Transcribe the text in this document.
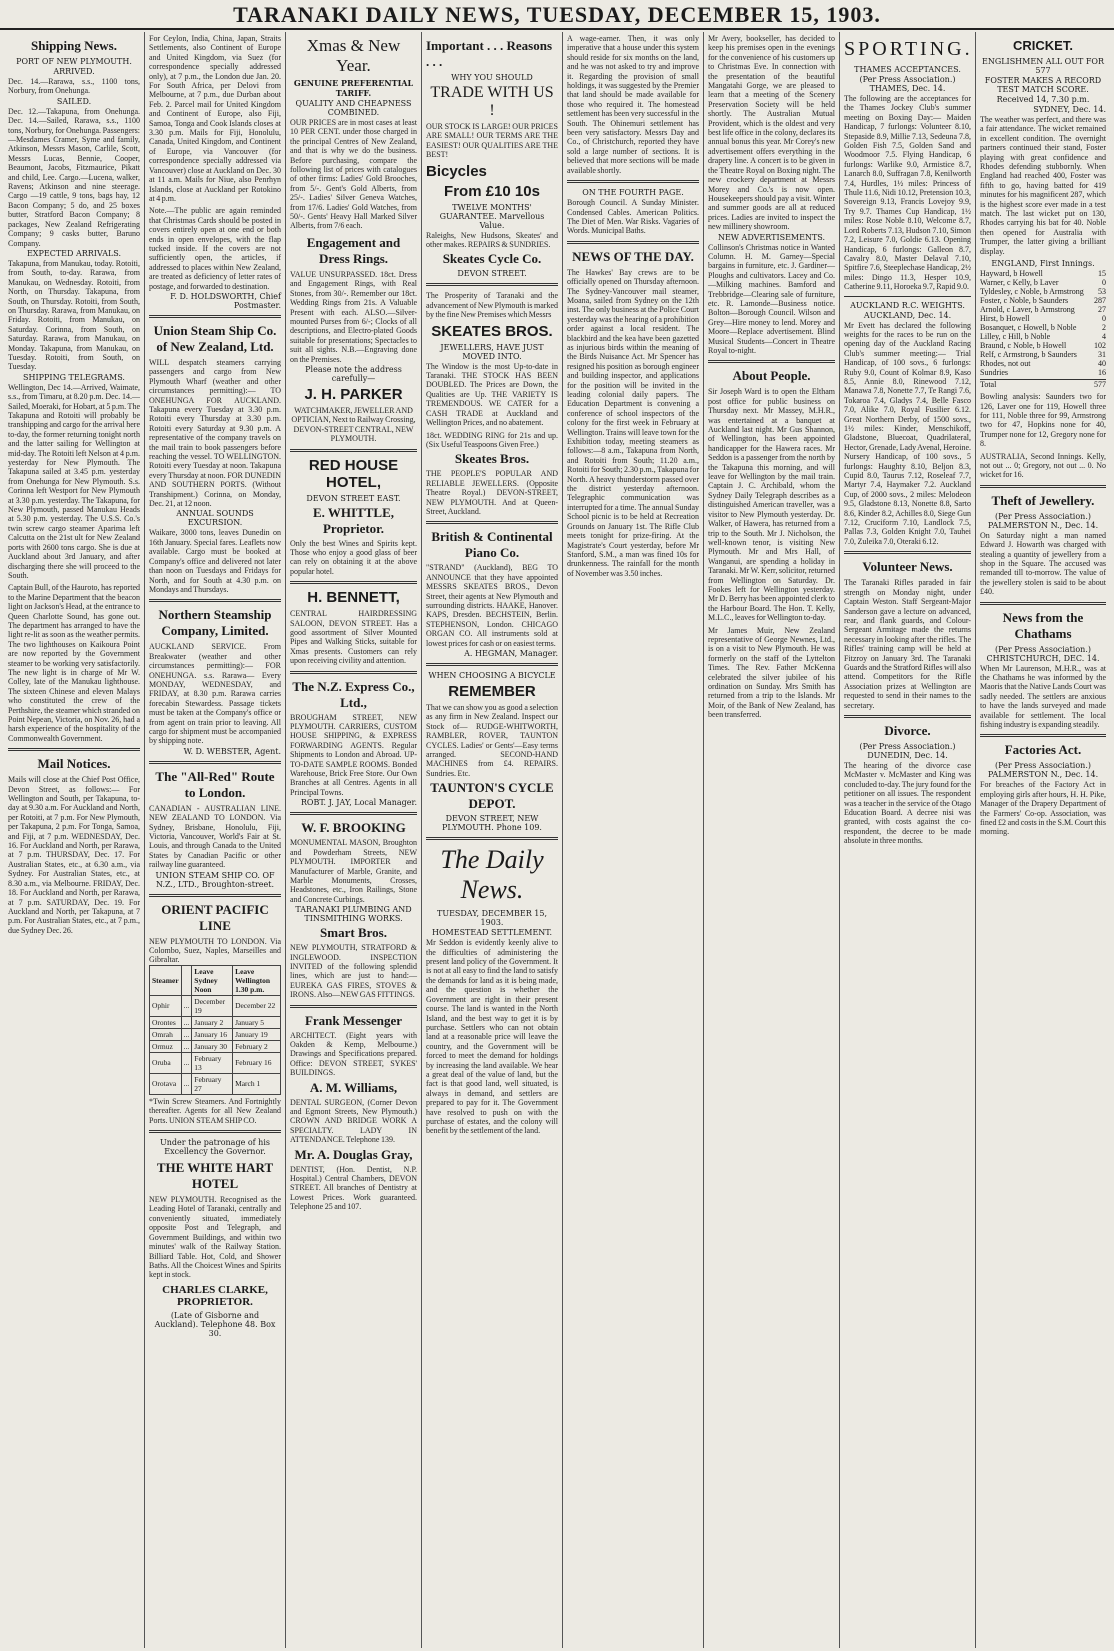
TARANAKI DAILY NEWS, TUESDAY, DECEMBER 15, 1903.
Shipping News.
PORT OF NEW PLYMOUTH.
ARRIVED.
Dec. 14.—Rarawa, s.s., 1100 tons, Norbury, from Onehunga.
SAILED.
Dec. 12.—Takapuna, from Onehunga. Dec. 14.—Sailed, Rarawa, s.s., 1100 tons, Norbury, for Onehunga. Passengers: —Mesdames Cramer, Syme and family, Atkinson, Messrs Mason, Carlile, Scott, Messrs Lucas, Bennie, Cooper, Beaumont, Jacobs, Fitzmaurice, Pikatt and child, Lee. Cargo.—Lucena, walker, Ravens; Atkinson and nine steerage. Cargo —19 cattle, 9 tons, bags hay, 12 Bacon Company; 5 do, and 25 boxes butter, Stratford Bacon Company; 8 packages, New Zealand Refrigerating Company; 9 casks butter, Baruno Company.
EXPECTED ARRIVALS.
Takapuna, from Manukau, today. Rotoiti, from South, to-day. Rarawa, from Manukau, on Wednesday. Rotoiti, from North, on Thursday. Takapuna, from South, on Thursday. Rotoiti, from South, on Thursday. Rarawa, from Manukau, on Friday. Rotoiti, from Manukau, on Saturday. Corinna, from South, on Saturday. Rarawa, from Manukau, on Monday. Takapuna, from Manukau, on Tuesday. Rotoiti, from South, on Tuesday.
SHIPPING TELEGRAMS.
Wellington, Dec 14.—Arrived, Waimate, s.s., from Timaru, at 8.20 p.m. Dec. 14.—Sailed, Moeraki, for Hobart, at 5 p.m. The Takapuna and Rotoiti will probably be transhipping and cargo for the arrival here to-day, the former returning tonight north and the latter sailing for Wellington at mid-day. The Rotoiti left Nelson at 4 p.m. yesterday for New Plymouth. The Takapuna sailed at 3.45 p.m. yesterday from Onehunga for New Plymouth. S.s. Corinna left Westport for New Plymouth at 3.30 p.m. yesterday. The Takapuna, for New Plymouth, passed Manukau Heads at 5.30 p.m. yesterday. The U.S.S. Co.'s twin screw cargo steamer Aparima left Calcutta on the 21st ult for New Zealand ports with 2600 tons cargo. She is due at Auckland about 3rd January, and after discharging there she will proceed to the South.
Captain Bull, of the Hauroto, has reported to the Marine Department that the beacon light on Jackson's Head, at the entrance to Queen Charlotte Sound, has gone out. The department has arranged to have the light re-lit as soon as the weather permits. The two lighthouses on Kaikoura Point are now reported by the Government steamer to be working very satisfactorily. The new light is in charge of Mr W. Colley, late of the Manukau lighthouse. The sixteen Chinese and eleven Malays who constituted the crew of the Perthshire, the steamer which stranded on Point Nepean, Victoria, on Nov. 26, had a harsh experience of the hospitality of the Commonwealth Government.
Mail Notices.
Mails will close at the Chief Post Office, Devon Street, as follows:— For Wellington and South, per Takapuna, to-day at 9.30 a.m. For Auckland and North, per Rotoiti, at 7 p.m. For New Plymouth, per Takapuna, 2 p.m. For Tonga, Samoa, and Fiji, at 7 p.m. WEDNESDAY, Dec. 16. For Auckland and North, per Rarawa, at 7 p.m. THURSDAY, Dec. 17. For Australian States, etc., at 6.30 a.m., via Sydney. For Australian States, etc., at 8.30 a.m., via Melbourne. FRIDAY, Dec. 18. For Auckland and North, per Rarawa, at 7 p.m. SATURDAY, Dec. 19. For Auckland and North, per Takapuna, at 7 p.m. For Australian States, etc., at 7 p.m., due Sydney Dec. 26.
For Ceylon, India, China, Japan, Straits Settlements, also Continent of Europe and United Kingdom, via Suez (for correspondence specially addressed only), at 7 p.m., the London due Jan. 20. For South Africa, per Delovi from Melbourne, at 7 p.m., due Durban about Feb. 2. Parcel mail for United Kingdom and Continent of Europe, also Fiji, Samoa, Tonga and Cook Islands closes at 3.30 p.m. Mails for Fiji, Honolulu, Canada, United Kingdom, and Continent of Europe, via Vancouver (for correspondence specially addressed via Vancouver) close at Auckland on Dec. 30 at 11 a.m. Mails for Niue, also Penrhyn Islands, close at Auckland per Rotokino at 4 p.m.
Note.—The public are again reminded that Christmas Cards should be posted in covers entirely open at one end or both ends in open envelopes, with the flap tucked inside. If the covers are not sufficiently open, the articles, if addressed to places within New Zealand, are treated as deficiency of letter rates of postage, and forwarded to destination.
F. D. HOLDSWORTH, Chief Postmaster.
Union Steam Ship Co. of New Zealand, Ltd.
WILL despatch steamers carrying passengers and cargo from New Plymouth Wharf (weather and other circumstances permitting):— TO ONEHUNGA FOR AUCKLAND. Takapuna every Tuesday at 3.30 p.m. Rotoiti every Thursday at 3.30 p.m. Rotoiti every Saturday at 9.30 p.m. A representative of the company travels on the mail train to book passengers before reaching the vessel. TO WELLINGTON. Rotoiti every Tuesday at noon. Takapuna every Thursday at noon. FOR DUNEDIN AND SOUTHERN PORTS. (Without Transhipment.) Corinna, on Monday, Dec. 21, at 12 noon.
ANNUAL SOUNDS EXCURSION.
Waikare, 3000 tons, leaves Dunedin on 16th January. Special fares. Leaflets now available. Cargo must be booked at Company's office and delivered not later than noon on Tuesdays and Fridays for North, and for South at 4.30 p.m. on Mondays and Thursdays.
Northern Steamship Company, Limited.
AUCKLAND SERVICE. From Breakwater (weather and other circumstances permitting):— FOR ONEHUNGA. s.s. Rarawa— Every MONDAY, WEDNESDAY, and FRIDAY, at 8.30 p.m. Rarawa carries forecabin Stewardess. Passage tickets must be taken at the Company's office or from agent on train prior to leaving. All cargo for shipment must be accompanied by shipping note.
W. D. WEBSTER, Agent.
The "All-Red" Route to London.
CANADIAN - AUSTRALIAN LINE. NEW ZEALAND TO LONDON. Via Sydney, Brisbane, Honolulu, Fiji, Victoria, Vancouver, World's Fair at St. Louis, and through Canada to the United States by Canadian Pacific or other railway line guaranteed.
UNION STEAM SHIP CO. OF N.Z., LTD., Broughton-street.
ORIENT PACIFIC LINE
NEW PLYMOUTH TO LONDON. Via Colombo, Suez, Naples, Marseilles and Gibraltar.
Steamer		Leave Sydney Noon	Leave Wellington 1.30 p.m.
Ophir	...	December 19	December 22
Orontes	...	January 2	January 5
Omrah	...	January 16	January 19
Ormuz	...	January 30	February 2
Oruba	...	February 13	February 16
Orotava	...	February 27	March 1
*Twin Screw Steamers. And Fortnightly thereafter. Agents for all New Zealand Ports. UNION STEAM SHIP CO.
Under the patronage of his Excellency the Governor.
THE WHITE HART HOTEL
NEW PLYMOUTH. Recognised as the Leading Hotel of Taranaki, centrally and conveniently situated, immediately opposite Post and Telegraph, and Government Buildings, and within two minutes' walk of the Railway Station. Billiard Table. Hot, Cold, and Shower Baths. All the Choicest Wines and Spirits kept in stock.
CHARLES CLARKE, PROPRIETOR.
(Late of Gisborne and Auckland). Telephone 48. Box 30.
Xmas & New Year.
GENUINE PREFERENTIAL TARIFF.
QUALITY AND CHEAPNESS COMBINED.
OUR PRICES are in most cases at least 10 PER CENT. under those charged in the principal Centres of New Zealand, and that is why we do the business. Before purchasing, compare the following list of prices with catalogues of other firms: Ladies' Gold Brooches, from 5/-. Gent's Gold Alberts, from 25/-. Ladies' Silver Geneva Watches, from 17/6. Ladies' Gold Watches, from 50/-. Gents' Heavy Hall Marked Silver Alberts, from 7/6 each.
Engagement and Dress Rings.
VALUE UNSURPASSED. 18ct. Dress and Engagement Rings, with Real Stones, from 30/-. Remember our 18ct. Wedding Rings from 21s. A Valuable Present with each. ALSO.—Silver-mounted Purses from 6/-; Clocks of all descriptions, and Electro-plated Goods suitable for presentations; Spectacles to suit all sights. N.B.—Engraving done on the Premises.
Please note the address carefully—
J. H. PARKER
WATCHMAKER, JEWELLER AND OPTICIAN, Next to Railway Crossing, DEVON-STREET CENTRAL, NEW PLYMOUTH.
RED HOUSE HOTEL,
DEVON STREET EAST.
E. WHITTLE, Proprietor.
Only the best Wines and Spirits kept. Those who enjoy a good glass of beer can rely on obtaining it at the above popular hotel.
H. BENNETT,
CENTRAL HAIRDRESSING SALOON, DEVON STREET. Has a good assortment of Silver Mounted Pipes and Walking Sticks, suitable for Xmas presents. Customers can rely upon receiving civility and attention.
The N.Z. Express Co., Ltd.,
BROUGHAM STREET, NEW PLYMOUTH. CARRIERS, CUSTOM HOUSE SHIPPING, & EXPRESS FORWARDING AGENTS. Regular Shipments to London and Abroad. UP-TO-DATE SAMPLE ROOMS. Bonded Warehouse, Brick Free Store. Our Own Branches at all Centres. Agents in all Principal Towns.
ROBT. J. JAY, Local Manager.
W. F. BROOKING
MONUMENTAL MASON, Broughton and Powderham Streets, NEW PLYMOUTH. IMPORTER and Manufacturer of Marble, Granite, and Marble Monuments, Crosses, Headstones, etc., Iron Railings, Stone and Concrete Curbings.
TARANAKI PLUMBING AND TINSMITHING WORKS.
Smart Bros.
NEW PLYMOUTH, STRATFORD & INGLEWOOD. INSPECTION INVITED of the following splendid lines, which are just to hand:— EUREKA GAS FIRES, STOVES & IRONS. Also—NEW GAS FITTINGS.
Frank Messenger
ARCHITECT. (Eight years with Oakden & Kemp, Melbourne.) Drawings and Specifications prepared. Office: DEVON STREET, SYKES' BUILDINGS.
A. M. Williams,
DENTAL SURGEON, (Corner Devon and Egmont Streets, New Plymouth.) CROWN AND BRIDGE WORK A SPECIALTY. LADY IN ATTENDANCE. Telephone 139.
Mr. A. Douglas Gray,
DENTIST, (Hon. Dentist, N.P. Hospital.) Central Chambers, DEVON STREET. All branches of Dentistry at Lowest Prices. Work guaranteed. Telephone 25 and 107.
Important . . . Reasons . . .
WHY YOU SHOULD
TRADE WITH US !
OUR STOCK IS LARGE! OUR PRICES ARE SMALL! OUR TERMS ARE THE EASIEST! OUR QUALITIES ARE THE BEST!
Bicycles
From £10 10s
TWELVE MONTHS' GUARANTEE. Marvellous Value.
Raleighs, New Hudsons, Skeates' and other makes. REPAIRS & SUNDRIES.
Skeates Cycle Co.
DEVON STREET.
The Prosperity of Taranaki and the advancement of New Plymouth is marked by the fine New Premises which Messrs
SKEATES BROS.
JEWELLERS, HAVE JUST MOVED INTO.
The Window is the most Up-to-date in Taranaki. THE STOCK HAS BEEN DOUBLED. The Prices are Down, the Qualities are Up. THE VARIETY IS TREMENDOUS. WE CATER for a CASH TRADE at Auckland and Wellington Prices, and no abatement.
18ct. WEDDING RING for 21s and up. (Six Useful Teaspoons Given Free.)
Skeates Bros.
THE PEOPLE'S POPULAR AND RELIABLE JEWELLERS. (Opposite Theatre Royal.) DEVON-STREET, NEW PLYMOUTH. And at Queen-Street, Auckland.
British & Continental Piano Co.
"STRAND" (Auckland), BEG TO ANNOUNCE that they have appointed MESSRS SKEATES BROS., Devon Street, their agents at New Plymouth and surrounding districts. HAAKE, Hanover. KAPS, Dresden. BECHSTEIN, Berlin. STEPHENSON, London. CHICAGO ORGAN CO. All instruments sold at lowest prices for cash or on easiest terms.
A. HEGMAN, Manager.
WHEN CHOOSING A BICYCLE
REMEMBER
That we can show you as good a selection as any firm in New Zealand. Inspect our Stock of— RUDGE-WHITWORTH, RAMBLER, ROVER, TAUNTON CYCLES. Ladies' or Gents'—Easy terms arranged. SECOND-HAND MACHINES from £4. REPAIRS. Sundries. Etc.
TAUNTON'S CYCLE DEPOT.
DEVON STREET, NEW PLYMOUTH. Phone 109.
The Daily News.
TUESDAY, DECEMBER 15, 1903.
HOMESTEAD SETTLEMENT.
Mr Seddon is evidently keenly alive to the difficulties of administering the present land policy of the Government. It is not at all easy to find the land to satisfy the demands for land as it is being made, and the question is whether the Government are right in their present course. The land is wanted in the North Island, and the best way to get it is by purchase. Settlers who can not obtain land at a reasonable price will leave the country, and the Government will be forced to meet the demand for holdings by increasing the land available. We hear a great deal of the value of land, but the fact is that good land, well situated, is always in demand, and settlers are prepared to pay for it. The Government have resolved to push on with the purchase of estates, and the colony will benefit by the settlement of the land.
A wage-earner. Then, it was only imperative that a house under this system should reside for six months on the land, and he was not asked to try and improve it. Regarding the provision of small holdings, it was suggested by the Premier that land should be made available for those who required it. The homestead settlement has been very successful in the South. The Ohinemuri settlement has been very satisfactory. Messrs Day and Co., of Christchurch, reported they have sold a large number of sections. It is believed that more sections will be made available shortly.
ON THE FOURTH PAGE.
Borough Council. A Sunday Minister. Condensed Cables. American Politics. The Diet of Men. War Risks. Vagaries of Words. Municipal Baths.
NEWS OF THE DAY.
The Hawkes' Bay crews are to be officially opened on Thursday afternoon. The Sydney-Vancouver mail steamer, Moana, sailed from Sydney on the 12th inst. The only business at the Police Court yesterday was the hearing of a prohibition order against a local resident. The blackbird and the kea have been gazetted as injurious birds within the meaning of the Birds Nuisance Act. Mr Spencer has resigned his position as borough engineer and building inspector, and applications for the position will be invited in the leading colonial daily papers. The Education Department is convening a conference of school inspectors of the colony for the first week in February at Wellington. Trains will leave town for the Exhibition today, meeting steamers as follows:—8 a.m., Takapuna from North, and Rotoiti from South; 11.20 a.m., Rotoiti for South; 2.30 p.m., Takapuna for North. A heavy thunderstorm passed over the district yesterday afternoon. Telegraphic communication was interrupted for a time. The annual Sunday School picnic is to be held at Recreation Grounds on January 1st. The Rifle Club meets tonight for prize-firing. At the Magistrate's Court yesterday, before Mr Stanford, S.M., a man was fined 10s for drunkenness. The rainfall for the month of November was 3.50 inches.
Mr Avery, bookseller, has decided to keep his premises open in the evenings for the convenience of his customers up to Christmas Eve. In connection with the presentation of the beautiful Mangatahi Gorge, we are pleased to learn that a meeting of the Scenery Preservation Society will be held shortly. The Australian Mutual Provident, which is the oldest and very best life office in the colony, declares its annual bonus this year. Mr Corey's new advertisement offers everything in the drapery line. A concert is to be given in the Theatre Royal on Boxing night. The new crockery department at Messrs Morey and Co.'s is now open. Housekeepers should pay a visit. Winter and summer goods are all at reduced prices. Ladies are invited to inspect the new millinery showroom.
NEW ADVERTISEMENTS.
Collinson's Christmas notice in Wanted Column. H. M. Garney—Special bargains in furniture, etc. J. Gardiner—Ploughs and cultivators. Lacey and Co.—Milking machines. Bamford and Trebbridge—Clearing sale of furniture, etc. R. Lamonde—Business notice. Bolton—Borough Council. Wilson and Grey—Hire money to lend. Morey and Moore—Replace advertisement. Blind Musical Students—Concert in Theatre Royal to-night.
About People.
Sir Joseph Ward is to open the Eltham post office for public business on Thursday next. Mr Massey, M.H.R., was entertained at a banquet at Auckland last night. Mr Gus Shannon, of Wellington, has been appointed handicapper for the Hawera races. Mr Seddon is a passenger from the north by the Takapuna this morning, and will leave for Wellington by the mail train. Captain J. C. Archibald, whom the Sydney Daily Telegraph describes as a distinguished American traveller, was a visitor to New Plymouth yesterday. Dr. Walker, of Hawera, has returned from a trip to the South. Mr J. Nicholson, the well-known tenor, is visiting New Plymouth. Mr and Mrs Hall, of Wanganui, are spending a holiday in Taranaki. Mr W. Kerr, solicitor, returned from Wellington on Saturday. Dr. Fookes left for Wellington yesterday. Mr D. Berry has been appointed clerk to the Harbour Board. The Hon. T. Kelly, M.L.C., leaves for Wellington to-day.
Mr James Muir, New Zealand representative of George Newnes, Ltd., is on a visit to New Plymouth. He was formerly on the staff of the Lyttelton Times. The Rev. Father McKenna celebrated the silver jubilee of his ordination on Sunday. Mrs Smith has returned from a trip to the Islands. Mr Moir, of the Bank of New Zealand, has been transferred.
SPORTING.
THAMES ACCEPTANCES.
(Per Press Association.) THAMES, Dec. 14.
The following are the acceptances for the Thames Jockey Club's summer meeting on Boxing Day:— Maiden Handicap, 7 furlongs: Volunteer 8.10, Stepaside 8.9, Millie 7.13, Sedeuna 7.8, Golden Fish 7.5, Golden Sand and Woodmoor 7.5. Flying Handicap, 6 furlongs: Warlike 9.0, Armistice 8.7, Lanarch 8.0, Suffragan 7.8, Kenilworth 7.4, Hurdles, 1½ miles: Princess of Thule 11.6, Nidi 10.12, Pretension 10.3, Sovereign 9.13, Francis Lovejoy 9.9, Try 9.7. Thames Cup Handicap, 1½ miles: Rose Noble 8.10, Welcome 8.7, Lord Roberts 7.13, Hudson 7.10, Simon 7.2, Leisure 7.0, Goldie 6.13. Opening Handicap, 6 furlongs: Galleon 8.7, Cavalry 8.0, Master Delaval 7.10, Spitfire 7.6, Steeplechase Handicap, 2½ miles: Dingo 11.3, Hesper 10.9, Catherine 9.11, Horoeka 9.7, Rapid 9.0.
AUCKLAND R.C. WEIGHTS.
AUCKLAND, Dec. 14.
Mr Evett has declared the following weights for the races to be run on the opening day of the Auckland Racing Club's summer meeting:— Trial Handicap, of 100 sovs., 6 furlongs: Ruby 9.0, Count of Kolmar 8.9, Kaso 8.5, Annie 8.0, Rinewood 7.12, Manawa 7.8, Nonette 7.7, Te Rangi 7.6, Tokaroa 7.4, Gladys 7.4, Belle Fasco 7.0, Alike 7.0, Royal Fusilier 6.12. Great Northern Derby, of 1500 sovs., 1½ miles: Kinder, Menschikoff, Gladstone, Bluecoat, Quadrilateral, Hector, Grenade, Lady Avenal, Heroine. Nursery Handicap, of 100 sovs., 5 furlongs: Haughty 8.10, Beljon 8.3, Cupid 8.0, Taurus 7.12, Roseleaf 7.7, Martyr 7.4, Haymaker 7.2. Auckland Cup, of 2000 sovs., 2 miles: Melodeon 9.5, Gladstone 8.13, Nonette 8.8, Sarto 8.6, Kinder 8.2, Achilles 8.0, Siege Gun 7.12, Cruciform 7.10, Landlock 7.5, Pallas 7.3, Golden Knight 7.0, Tauhei 7.0, Zuleika 7.0, Oteraki 6.12.
Volunteer News.
The Taranaki Rifles paraded in fair strength on Monday night, under Captain Weston. Staff Sergeant-Major Sanderson gave a lecture on advanced, rear, and flank guards, and Colour-Sergeant Armitage made the returns necessary in looking after the rifles. The Rifles' training camp will be held at Fitzroy on January 3rd. The Taranaki Guards and the Stratford Rifles will also attend. Competitors for the Rifle Association prizes at Wellington are requested to send in their names to the secretary.
Divorce.
(Per Press Association.) DUNEDIN, Dec. 14.
The hearing of the divorce case McMaster v. McMaster and King was concluded to-day. The jury found for the petitioner on all issues. The respondent was a teacher in the service of the Otago Education Board. A decree nisi was granted, with costs against the co-respondent, the decree to be made absolute in three months.
CRICKET.
ENGLISHMEN ALL OUT FOR 577
FOSTER MAKES A RECORD TEST MATCH SCORE.
Received 14, 7.30 p.m.
SYDNEY, Dec. 14.
The weather was perfect, and there was a fair attendance. The wicket remained in excellent condition. The overnight partners continued their stand, Foster playing with great confidence and Rhodes defending stubbornly. When England had reached 400, Foster was fifth to go, having batted for 419 minutes for his magnificent 287, which is the highest score ever made in a test match. The last wicket put on 130, Rhodes carrying his bat for 40. Noble then opened for Australia with Trumper, the latter giving a brilliant display.
ENGLAND, First Innings.
Hayward, b Howell	15
Warner, c Kelly, b Laver	0
Tyldesley, c Noble, b Armstrong 53
Foster, c Noble, b Saunders	287
Arnold, c Laver, b Armstrong	27
Hirst, b Howell	0
Bosanquet, c Howell, b Noble	2
Lilley, c Hill, b Noble	4
Braund, c Noble, b Howell	102
Relf, c Armstrong, b Saunders	31
Rhodes, not out	40
Sundries	16
Total	577
Bowling analysis: Saunders two for 126, Laver one for 119, Howell three for 111, Noble three for 99, Armstrong two for 47, Hopkins none for 40, Trumper none for 12, Gregory none for 8.
AUSTRALIA, Second Innings. Kelly, not out ... 0; Gregory, not out ... 0. No wicket for 16.
Theft of Jewellery.
(Per Press Association.) PALMERSTON N., Dec. 14.
On Saturday night a man named Edward J. Howarth was charged with stealing a quantity of jewellery from a shop in the Square. The accused was remanded till to-morrow. The value of the jewellery stolen is said to be about £40.
News from the Chathams
(Per Press Association.) CHRISTCHURCH, DEC. 14.
When Mr Laurenson, M.H.R., was at the Chathams he was informed by the Maoris that the Native Lands Court was sadly needed. The settlers are anxious to have the lands surveyed and made available for settlement. The local fishing industry is expanding steadily.
Factories Act.
(Per Press Association.) PALMERSTON N., Dec. 14.
For breaches of the Factory Act in employing girls after hours, H. H. Pike, Manager of the Drapery Department of the Farmers' Co-op. Association, was fined £2 and costs in the S.M. Court this morning.
